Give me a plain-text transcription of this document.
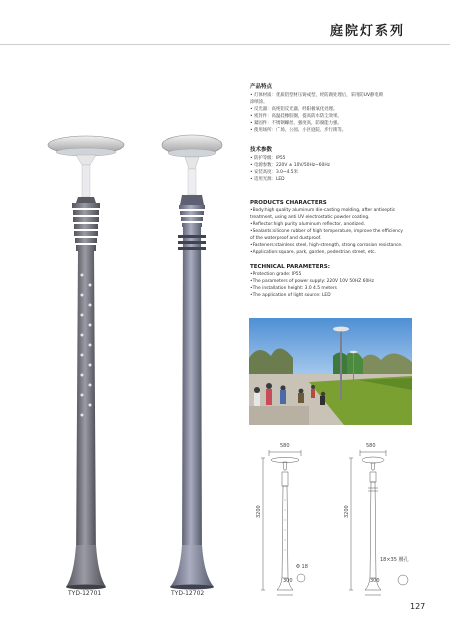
庭院灯系列
TYD-12701	TYD-12702
产品特点
• 灯体材质：优质铝型材压铸成型，经防腐处理后，采用防UV静电喷
涂喷涂。
• 反光器：高纯铝反光器，经阳极氧化处理。
• 密封件：高温硅橡胶圈，提高防水防尘效果。
• 紧固件：不锈钢螺丝，强度高，防腐能力强。
• 使用场所：广场、公园、小区庭院、步行街等。
技术参数
• 防护等级：IP55
• 电源参数：220V ± 10V/50Hz~60Hz
• 安装高度：3.0~4.5米
• 适用光源：LED
PRODUCTS CHARACTERS
•Body:high quality aluminum die-casting molding, after antiseptic
treatment, using anti UV electrostatic powder coating.
•Reflector:high purity aluminum reflector, anodized.
•Sealants:silicone rubber of high temperature, improve the efficiency
of the waterproof and dustproof.
•Fasteners:stainless steel, high-strength, strong corrosion resistance.
•Application:square, park, garden, pedestrian street, etc.
TECHNICAL PARAMETERS:
•Protection grade: IP55
•The parameters of power supply: 220V 10V 50HZ 60Hz
•The installation height: 3.0 4.5 meters
•The application of light source: LED
580	580
3200	3200
Φ 18
300	300
18×35 腰孔
127
